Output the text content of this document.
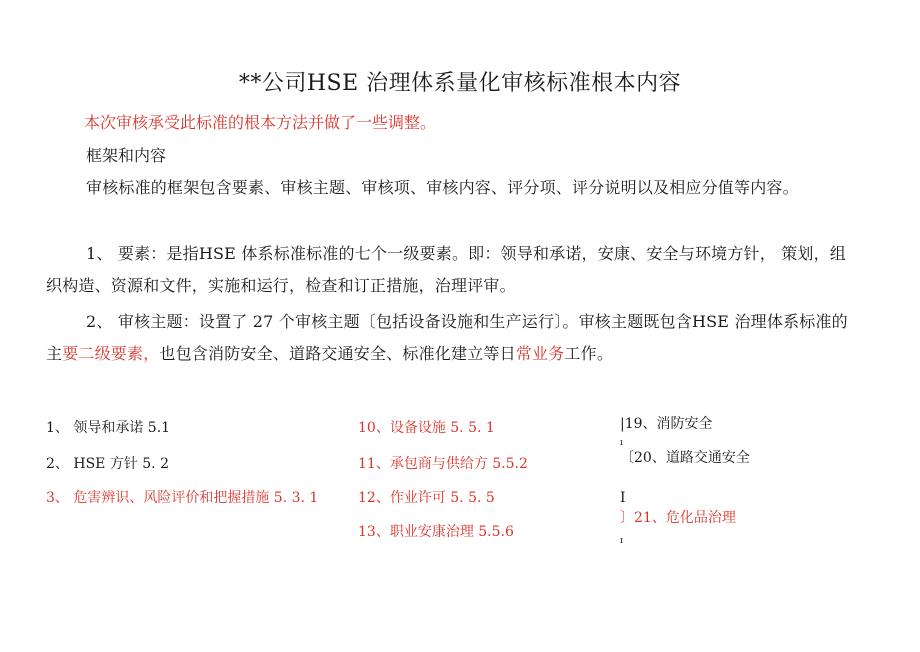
**公司HSE 治理体系量化审核标准根本内容
本次审核承受此标准的根本方法并做了一些调整。
框架和内容
审核标准的框架包含要素、审核主题、审核项、审核内容、评分项、评分说明以及相应分值等内容。
1、 要素：是指HSE 体系标准标准的七个一级要素。即：领导和承诺，安康、安全与环境方针， 策划，组织构造、资源和文件，实施和运行，检查和订正措施，治理评审。
2、 审核主题：设置了 27 个审核主题〔包括设备设施和生产运行〕。审核主题既包含HSE 治理体系标准的主要二级要素，也包含消防安全、道路交通安全、标准化建立等日常业务工作。
1、 领导和承诺 5.1
2、 HSE 方针 5. 2
3、 危害辨识、风险评价和把握措施 5. 3. 1
10、设备设施 5. 5. 1
11、承包商与供给方 5.5.2
12、作业许可 5. 5. 5
13、职业安康治理 5.5.6
|19、消防安全
ı
〔20、道路交通安全
I
〕21、危化品治理
ɪ
